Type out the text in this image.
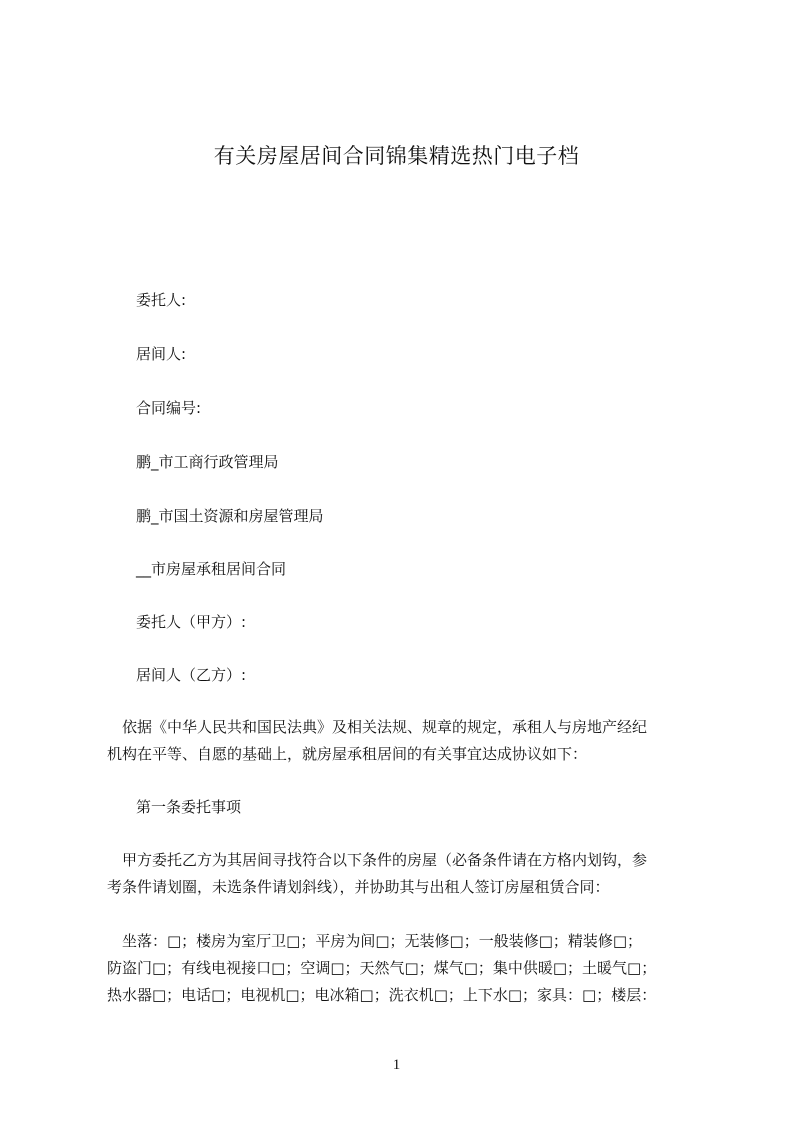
有关房屋居间合同锦集精选热门电子档
委托人:
居间人:
合同编号:
鹏_市工商行政管理局
鹏_市国土资源和房屋管理局
__市房屋承租居间合同
委托人（甲方）:
居间人（乙方）:
　依据《中华人民共和国民法典》及相关法规、规章的规定，承租人与房地产经纪
机构在平等、自愿的基础上，就房屋承租居间的有关事宜达成协议如下：
第一条委托事项
　甲方委托乙方为其居间寻找符合以下条件的房屋（必备条件请在方格内划钩，参
考条件请划圈，未选条件请划斜线），并协助其与出租人签订房屋租赁合同：
　坐落：□；楼房为室厅卫□；平房为间□；无装修□；一般装修□；精装修□；
防盗门□；有线电视接口□；空调□；天然气□；煤气□；集中供暖□；土暖气□；
热水器□；电话□；电视机□；电冰箱□；洗衣机□；上下水□；家具：□；楼层：
1
